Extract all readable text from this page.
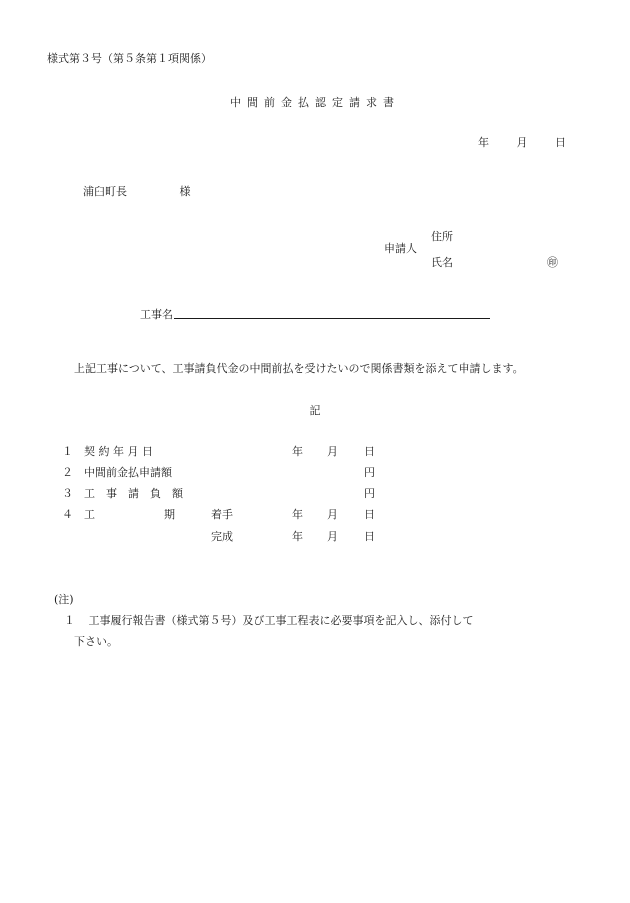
様式第３号（第５条第１項関係）
中間前金払認定請求書
年	月	日
浦臼町長	様
申請人
住所
氏名	㊞
工事名
上記工事について、工事請負代金の中間前払を受けたいので関係書類を添えて申請します。
記
１ 契 約 年 月 日	年 月 日
２ 中間前金払申請額	円
３ 工　事　請　負　額	円
４ 工	期	着手	年 月 日
完成	年 月 日
(注)
１ 工事履行報告書（様式第５号）及び工事工程表に必要事項を記入し、添付して
下さい。
